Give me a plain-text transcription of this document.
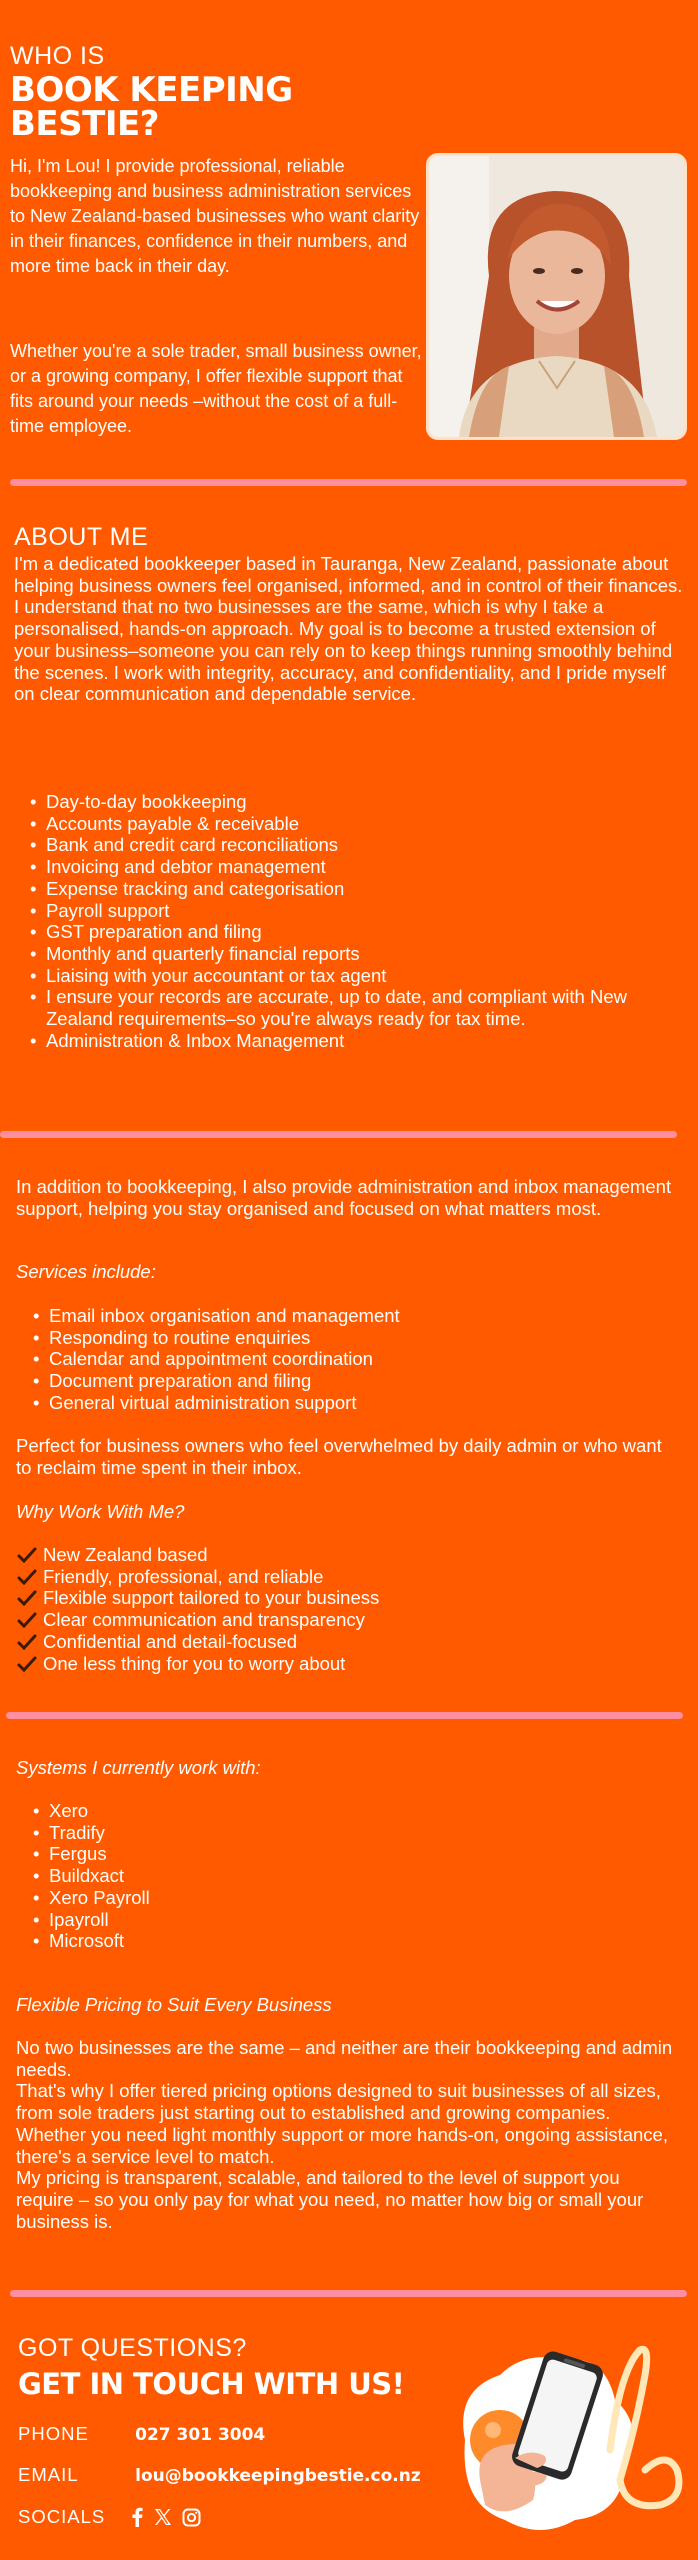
WHO IS
BOOK KEEPING
BESTIE?
Hi, I'm Lou! I provide professional, reliable bookkeeping and business administration services to New Zealand-based businesses who want clarity in their finances, confidence in their numbers, and more time back in their day.
Whether you're a sole trader, small business owner, or a growing company, I offer flexible support that fits around your needs –without the cost of a full-time employee.
ABOUT ME
I'm a dedicated bookkeeper based in Tauranga, New Zealand, passionate about helping business owners feel organised, informed, and in control of their finances. I understand that no two businesses are the same, which is why I take a personalised, hands-on approach. My goal is to become a trusted extension of your business–someone you can rely on to keep things running smoothly behind the scenes. I work with integrity, accuracy, and confidentiality, and I pride myself on clear communication and dependable service.
• Day-to-day bookkeeping
• Accounts payable & receivable
• Bank and credit card reconciliations
• Invoicing and debtor management
• Expense tracking and categorisation
• Payroll support
• GST preparation and filing
• Monthly and quarterly financial reports
• Liaising with your accountant or tax agent
• I ensure your records are accurate, up to date, and compliant with New Zealand requirements–so you're always ready for tax time.
• Administration & Inbox Management
In addition to bookkeeping, I also provide administration and inbox management support, helping you stay organised and focused on what matters most.
Services include:
• Email inbox organisation and management
• Responding to routine enquiries
• Calendar and appointment coordination
• Document preparation and filing
• General virtual administration support
Perfect for business owners who feel overwhelmed by daily admin or who want to reclaim time spent in their inbox.
Why Work With Me?
New Zealand based
Friendly, professional, and reliable
Flexible support tailored to your business
Clear communication and transparency
Confidential and detail-focused
One less thing for you to worry about
Systems I currently work with:
• Xero
• Tradify
• Fergus
• Buildxact
• Xero Payroll
• Ipayroll
• Microsoft
Flexible Pricing to Suit Every Business
No two businesses are the same – and neither are their bookkeeping and admin needs.
That's why I offer tiered pricing options designed to suit businesses of all sizes, from sole traders just starting out to established and growing companies. Whether you need light monthly support or more hands-on, ongoing assistance, there's a service level to match.
My pricing is transparent, scalable, and tailored to the level of support you require – so you only pay for what you need, no matter how big or small your business is.
GOT QUESTIONS?
GET IN TOUCH WITH US!
PHONE	027 301 3004
EMAIL	lou@bookkeepingbestie.co.nz
SOCIALS
